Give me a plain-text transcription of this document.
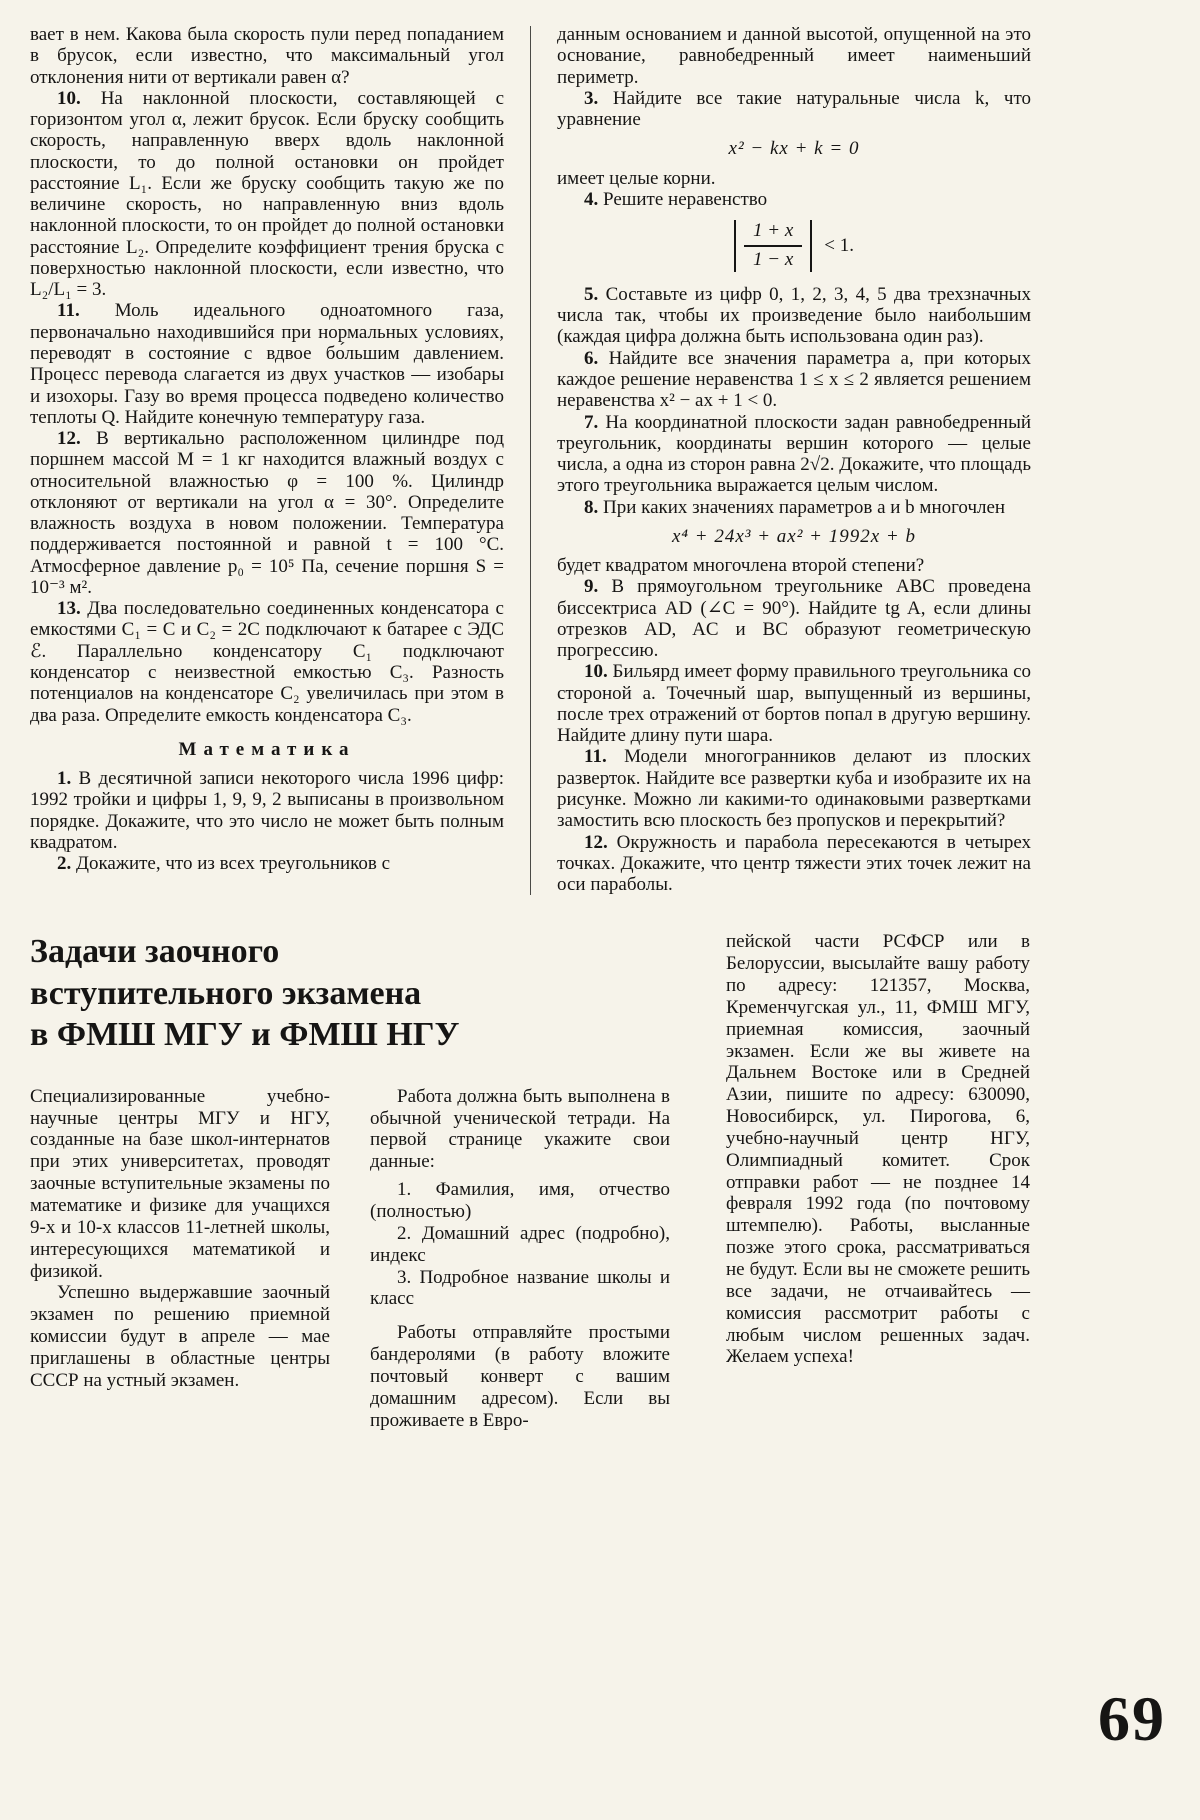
вает в нем. Какова была скорость пули перед попаданием в брусок, если известно, что максимальный угол отклонения нити от вертикали равен α?

10. На наклонной плоскости, составляющей с горизонтом угол α, лежит брусок. Если бруску сообщить скорость, направленную вверх вдоль наклонной плоскости, то до полной остановки он пройдет расстояние L₁. Если же бруску сообщить такую же по величине скорость, но направленную вниз вдоль наклонной плоскости, то он пройдет до полной остановки расстояние L₂. Определите коэффициент трения бруска с поверхностью наклонной плоскости, если известно, что L₂/L₁ = 3.

11. Моль идеального одноатомного газа, первоначально находившийся при нормальных условиях, переводят в состояние с вдвое бо́льшим давлением. Процесс перевода слагается из двух участков — изобары и изохоры. Газу во время процесса подведено количество теплоты Q. Найдите конечную температуру газа.

12. В вертикально расположенном цилиндре под поршнем массой M = 1 кг находится влажный воздух с относительной влажностью φ = 100 %. Цилиндр отклоняют от вертикали на угол α = 30°. Определите влажность воздуха в новом положении. Температура поддерживается постоянной и равной t = 100 °C. Атмосферное давление p₀ = 10⁵ Па, сечение поршня S = 10⁻³ м².

13. Два последовательно соединенных конденсатора с емкостями C₁ = C и C₂ = 2C подключают к батарее с ЭДС ℰ. Параллельно конденсатору C₁ подключают конденсатор с неизвестной емкостью C₃. Разность потенциалов на конденсаторе C₂ увеличилась при этом в два раза. Определите емкость конденсатора C₃.

Математика

1. В десятичной записи некоторого числа 1996 цифр: 1992 тройки и цифры 1, 9, 9, 2 выписаны в произвольном порядке. Докажите, что это число не может быть полным квадратом.

2. Докажите, что из всех треугольников с

данным основанием и данной высотой, опущенной на это основание, равнобедренный имеет наименьший периметр.

3. Найдите все такие натуральные числа k, что уравнение

x² − kx + k = 0

имеет целые корни.

4. Решите неравенство

$\frac{1 + x}{1 - x} < 1$.

5. Составьте из цифр 0, 1, 2, 3, 4, 5 два трехзначных числа так, чтобы их произведение было наибольшим (каждая цифра должна быть использована один раз).

6. Найдите все значения параметра a, при которых каждое решение неравенства 1 ≤ x ≤ 2 является решением неравенства x² − ax + 1 < 0.

7. На координатной плоскости задан равнобедренный треугольник, координаты вершин которого — целые числа, а одна из сторон равна 2√2. Докажите, что площадь этого треугольника выражается целым числом.

8. При каких значениях параметров a и b многочлен

x⁴ + 24x³ + ax² + 1992x + b

будет квадратом многочлена второй степени?

9. В прямоугольном треугольнике ABC проведена биссектриса AD (∠C = 90°). Найдите tg A, если длины отрезков AD, AC и BC образуют геометрическую прогрессию.

10. Бильярд имеет форму правильного треугольника со стороной a. Точечный шар, выпущенный из вершины, после трех отражений от бортов попал в другую вершину. Найдите длину пути шара.

11. Модели многогранников делают из плоских разверток. Найдите все развертки куба и изобразите их на рисунке. Можно ли какими-то одинаковыми развертками замостить всю плоскость без пропусков и перекрытий?

12. Окружность и парабола пересекаются в четырех точках. Докажите, что центр тяжести этих точек лежит на оси параболы.

Задачи заочного
вступительного экзамена
в ФМШ МГУ и ФМШ НГУ

Специализированные учебно-научные центры МГУ и НГУ, созданные на базе школ-интернатов при этих университетах, проводят заочные вступительные экзамены по математике и физике для учащихся 9-х и 10-х классов 11-летней школы, интересующихся математикой и физикой.

Успешно выдержавшие заочный экзамен по решению приемной комиссии будут в апреле — мае приглашены в областные центры СССР на устный экзамен.

Работа должна быть выполнена в обычной ученической тетради. На первой странице укажите свои данные:

1. Фамилия, имя, отчество (полностью)

2. Домашний адрес (подробно), индекс

3. Подробное название школы и класс

Работы отправляйте простыми бандеролями (в работу вложите почтовый конверт с вашим домашним адресом). Если вы проживаете в Евро-

пейской части РСФСР или в Белоруссии, высылайте вашу работу по адресу: 121357, Москва, Кременчугская ул., 11, ФМШ МГУ, приемная комиссия, заочный экзамен. Если же вы живете на Дальнем Востоке или в Средней Азии, пишите по адресу: 630090, Новосибирск, ул. Пирогова, 6, учебно-научный центр НГУ, Олимпиадный комитет. Срок отправки работ — не позднее 14 февраля 1992 года (по почтовому штемпелю). Работы, высланные позже этого срока, рассматриваться не будут. Если вы не сможете решить все задачи, не отчаивайтесь — комиссия рассмотрит работы с любым числом решенных задач. Желаем успеха!

69
